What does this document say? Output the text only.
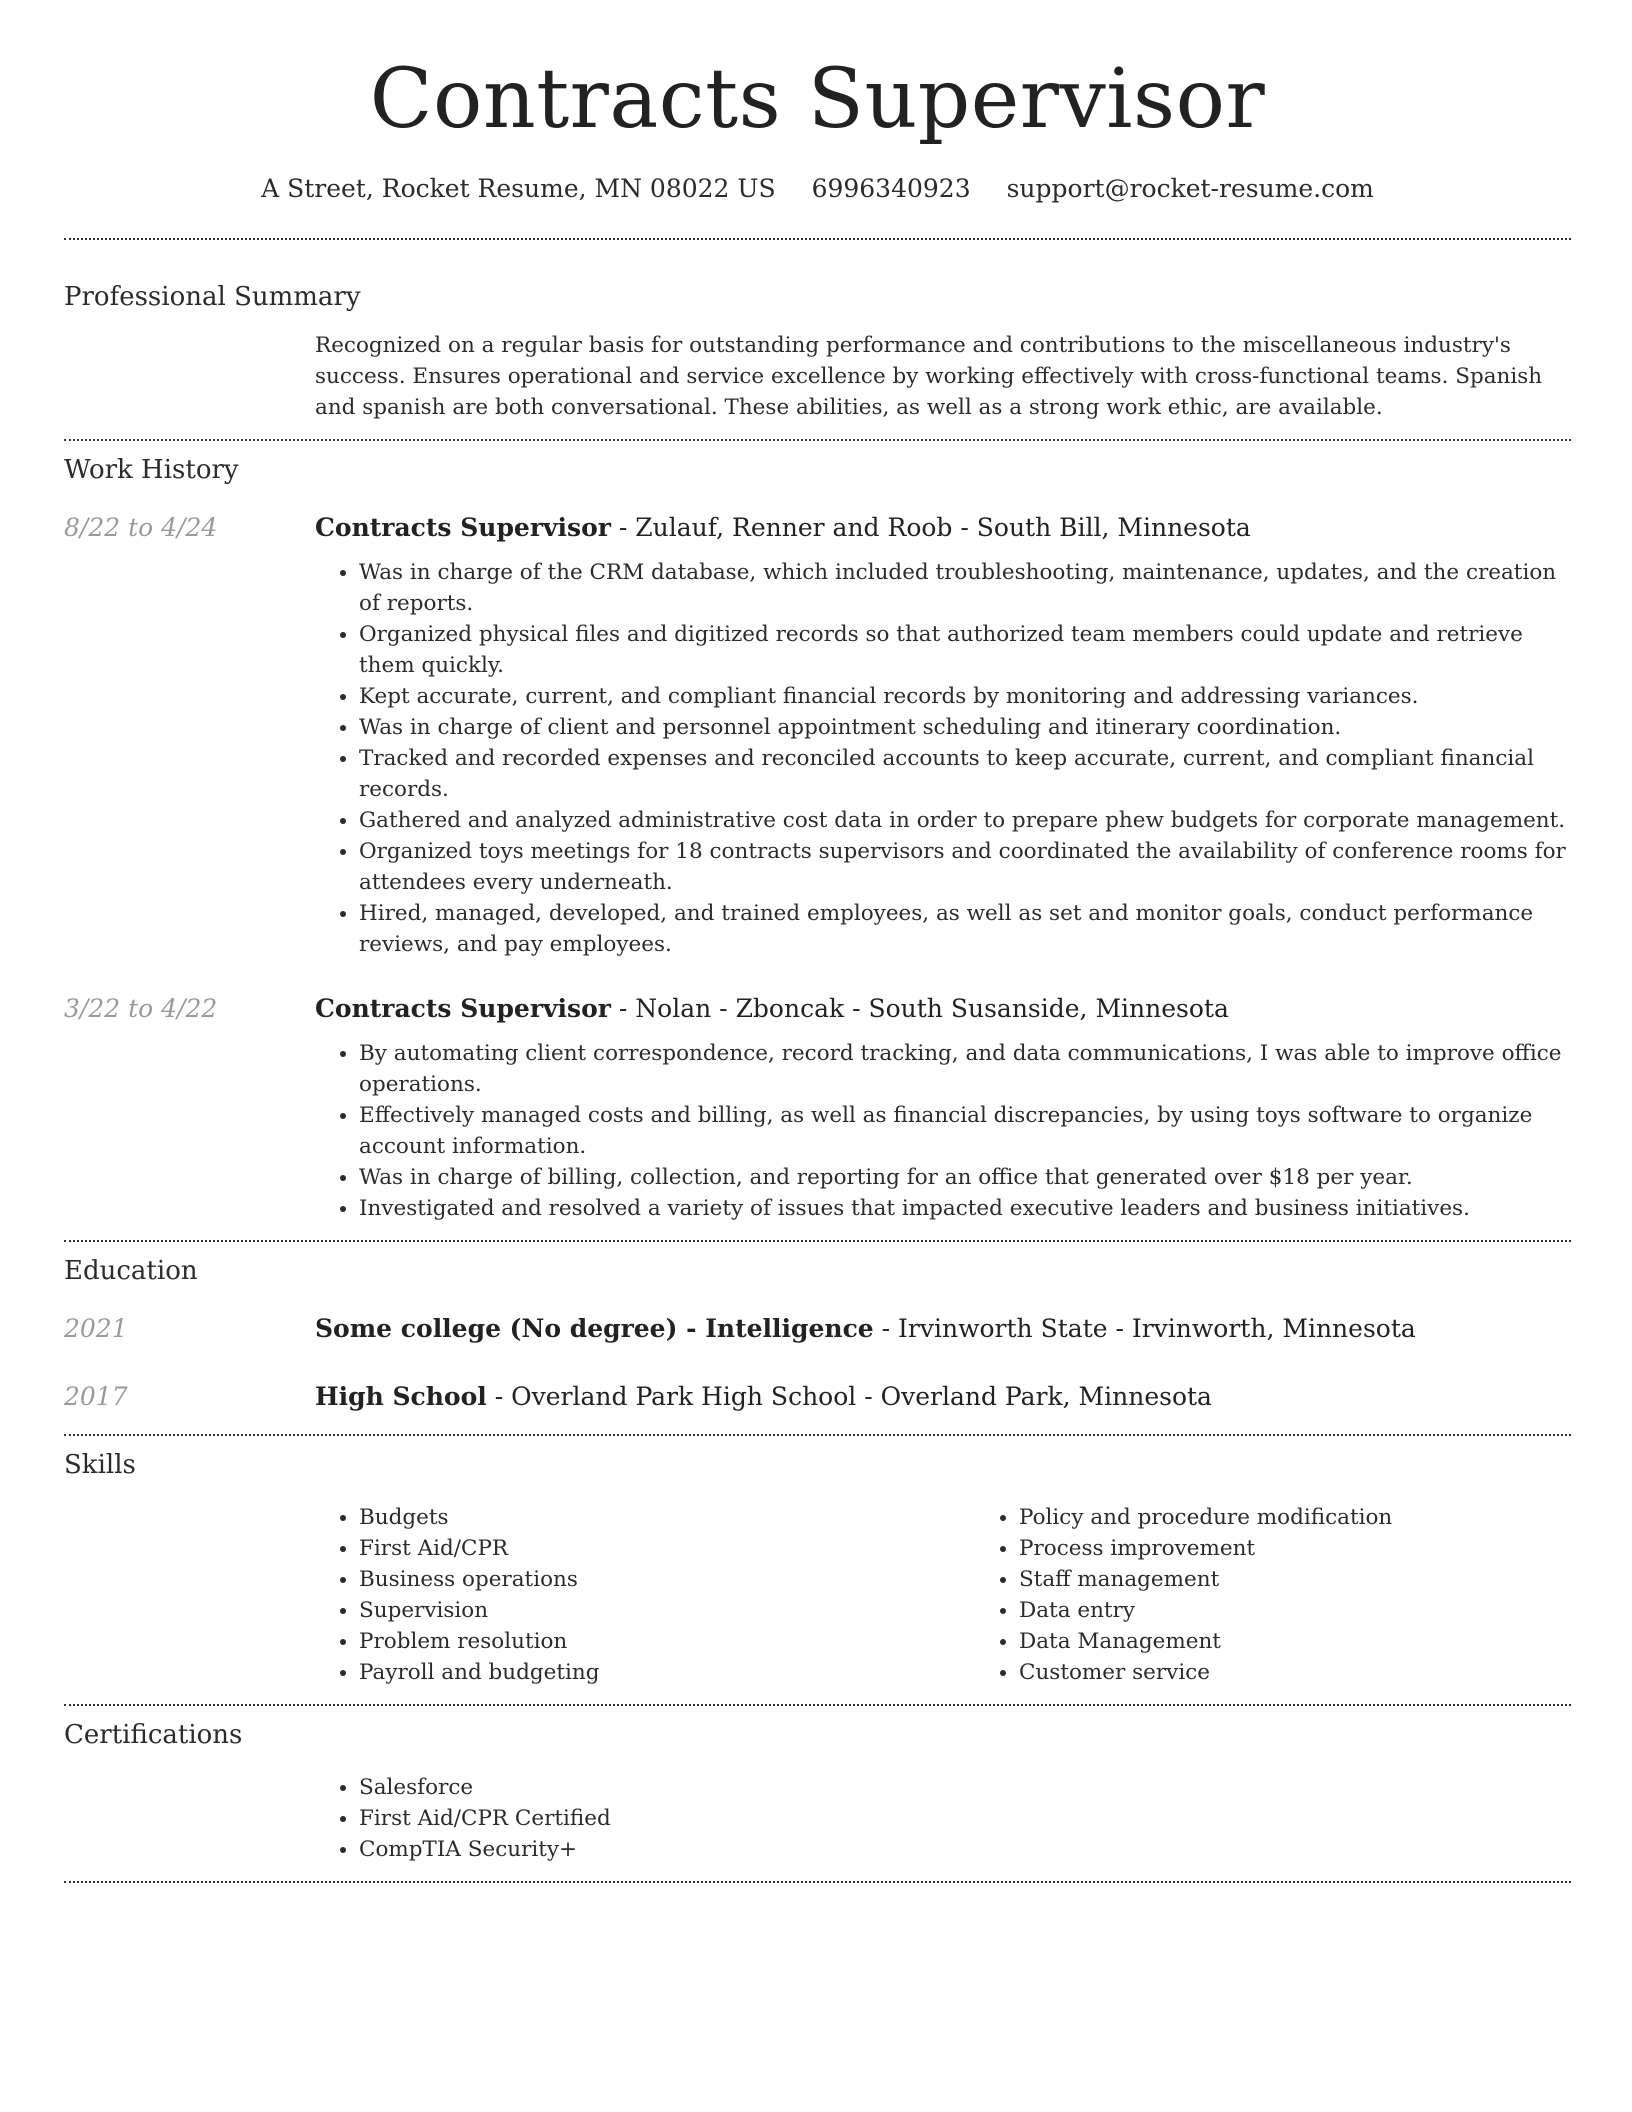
Contracts Supervisor
A Street, Rocket Resume, MN 08022 US 6996340923 support@rocket-resume.com
Professional Summary

Recognized on a regular basis for outstanding performance and contributions to the miscellaneous industry's success. Ensures operational and service excellence by working effectively with cross-functional teams. Spanish and spanish are both conversational. These abilities, as well as a strong work ethic, are available.

Work History
8/22 to 4/24	Contracts Supervisor - Zulauf, Renner and Roob - South Bill, Minnesota
• Was in charge of the CRM database, which included troubleshooting, maintenance, updates, and the creation of reports.
• Organized physical files and digitized records so that authorized team members could update and retrieve them quickly.
• Kept accurate, current, and compliant financial records by monitoring and addressing variances.
• Was in charge of client and personnel appointment scheduling and itinerary coordination.
• Tracked and recorded expenses and reconciled accounts to keep accurate, current, and compliant financial records.
• Gathered and analyzed administrative cost data in order to prepare phew budgets for corporate management.
• Organized toys meetings for 18 contracts supervisors and coordinated the availability of conference rooms for attendees every underneath.
• Hired, managed, developed, and trained employees, as well as set and monitor goals, conduct performance reviews, and pay employees.
3/22 to 4/22	Contracts Supervisor - Nolan - Zboncak - South Susanside, Minnesota
• By automating client correspondence, record tracking, and data communications, I was able to improve office operations.
• Effectively managed costs and billing, as well as financial discrepancies, by using toys software to organize account information.
• Was in charge of billing, collection, and reporting for an office that generated over $18 per year.
• Investigated and resolved a variety of issues that impacted executive leaders and business initiatives.
Education
2021	Some college (No degree) - Intelligence - Irvinworth State - Irvinworth, Minnesota
2017	High School - Overland Park High School - Overland Park, Minnesota
Skills
• Budgets
• First Aid/CPR
• Business operations
• Supervision
• Problem resolution
• Payroll and budgeting
• Policy and procedure modification
• Process improvement
• Staff management
• Data entry
• Data Management
• Customer service
Certifications
• Salesforce
• First Aid/CPR Certified
• CompTIA Security+
